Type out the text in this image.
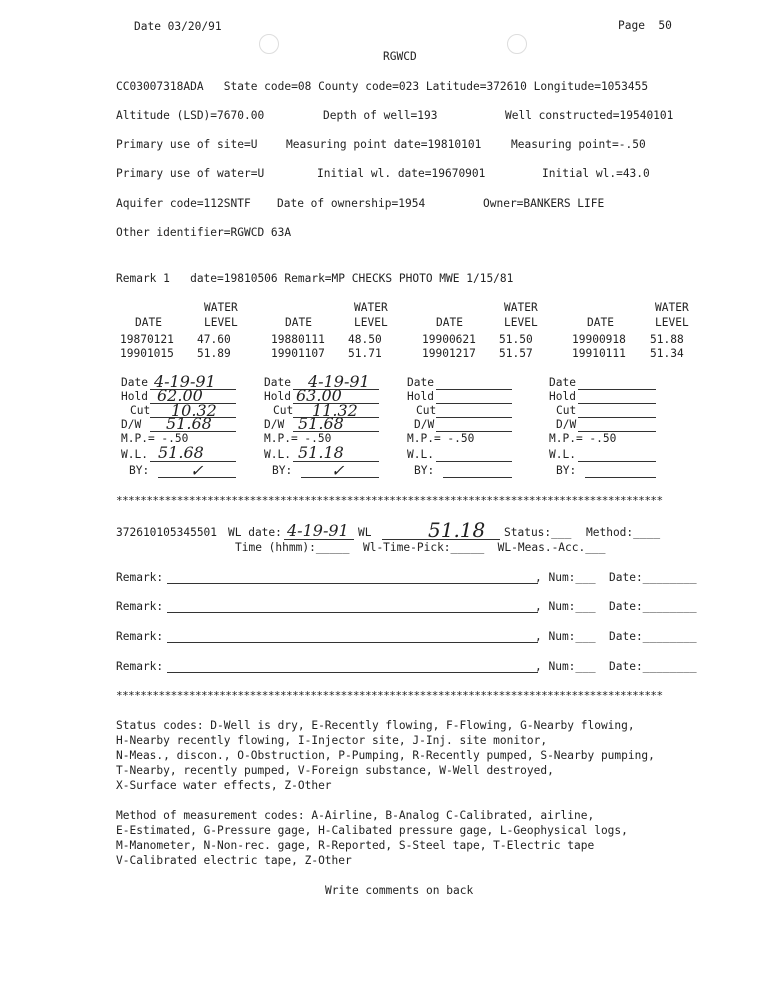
Date 03/20/91	Page  50
RGWCD
CC03007318ADA   State code=08 County code=023 Latitude=372610 Longitude=1053455
Altitude (LSD)=7670.00	Depth of well=193	Well constructed=19540101
Primary use of site=U	Measuring point date=19810101	Measuring point=-.50
Primary use of water=U	Initial wl. date=19670901	Initial wl.=43.0
Aquifer code=112SNTF Date of ownership=1954	Owner=BANKERS LIFE
Other identifier=RGWCD 63A
Remark 1   date=19810506 Remark=MP CHECKS PHOTO MWE 1/15/81
WATER	WATER	WATER	WATER
DATE	LEVEL	DATE	LEVEL	DATE	LEVEL	DATE	LEVEL
19870121 47.60	19880111 48.50	19900621 51.50	19900918 51.88
19901015 51.89	19901107 51.71	19901217 51.57	19910111 51.34
Date 4-19-91
Hold 62.00
Cut 10.32
D/W 51.68
M.P.= -.50
W.L. 51.68
BY:	✓
Date 4-19-91
Hold 63.00
Cut 11.32
D/W 51.68
M.P.= -.50
W.L. 51.18
BY: ✓
Date
Hold
Cut
D/W
M.P.= -.50
W.L.
BY:
Date
Hold
Cut
D/W
M.P.= -.50
W.L.
BY:
******************************************************************************************
372610105345501 WL date: 4-19-91 WL	51.18 Status:___ Method:____
Time (hhmm):_____  Wl-Time-Pick:_____  WL-Meas.-Acc.___
Remark:	, Num:___ Date:________
Remark:	, Num:___ Date:________
Remark:	, Num:___ Date:________
Remark:	, Num:___ Date:________
******************************************************************************************
Status codes: D-Well is dry, E-Recently flowing, F-Flowing, G-Nearby flowing,
H-Nearby recently flowing, I-Injector site, J-Inj. site monitor,
N-Meas., discon., O-Obstruction, P-Pumping, R-Recently pumped, S-Nearby pumping,
T-Nearby, recently pumped, V-Foreign substance, W-Well destroyed,
X-Surface water effects, Z-Other
Method of measurement codes: A-Airline, B-Analog C-Calibrated, airline,
E-Estimated, G-Pressure gage, H-Calibated pressure gage, L-Geophysical logs,
M-Manometer, N-Non-rec. gage, R-Reported, S-Steel tape, T-Electric tape
V-Calibrated electric tape, Z-Other
Write comments on back
